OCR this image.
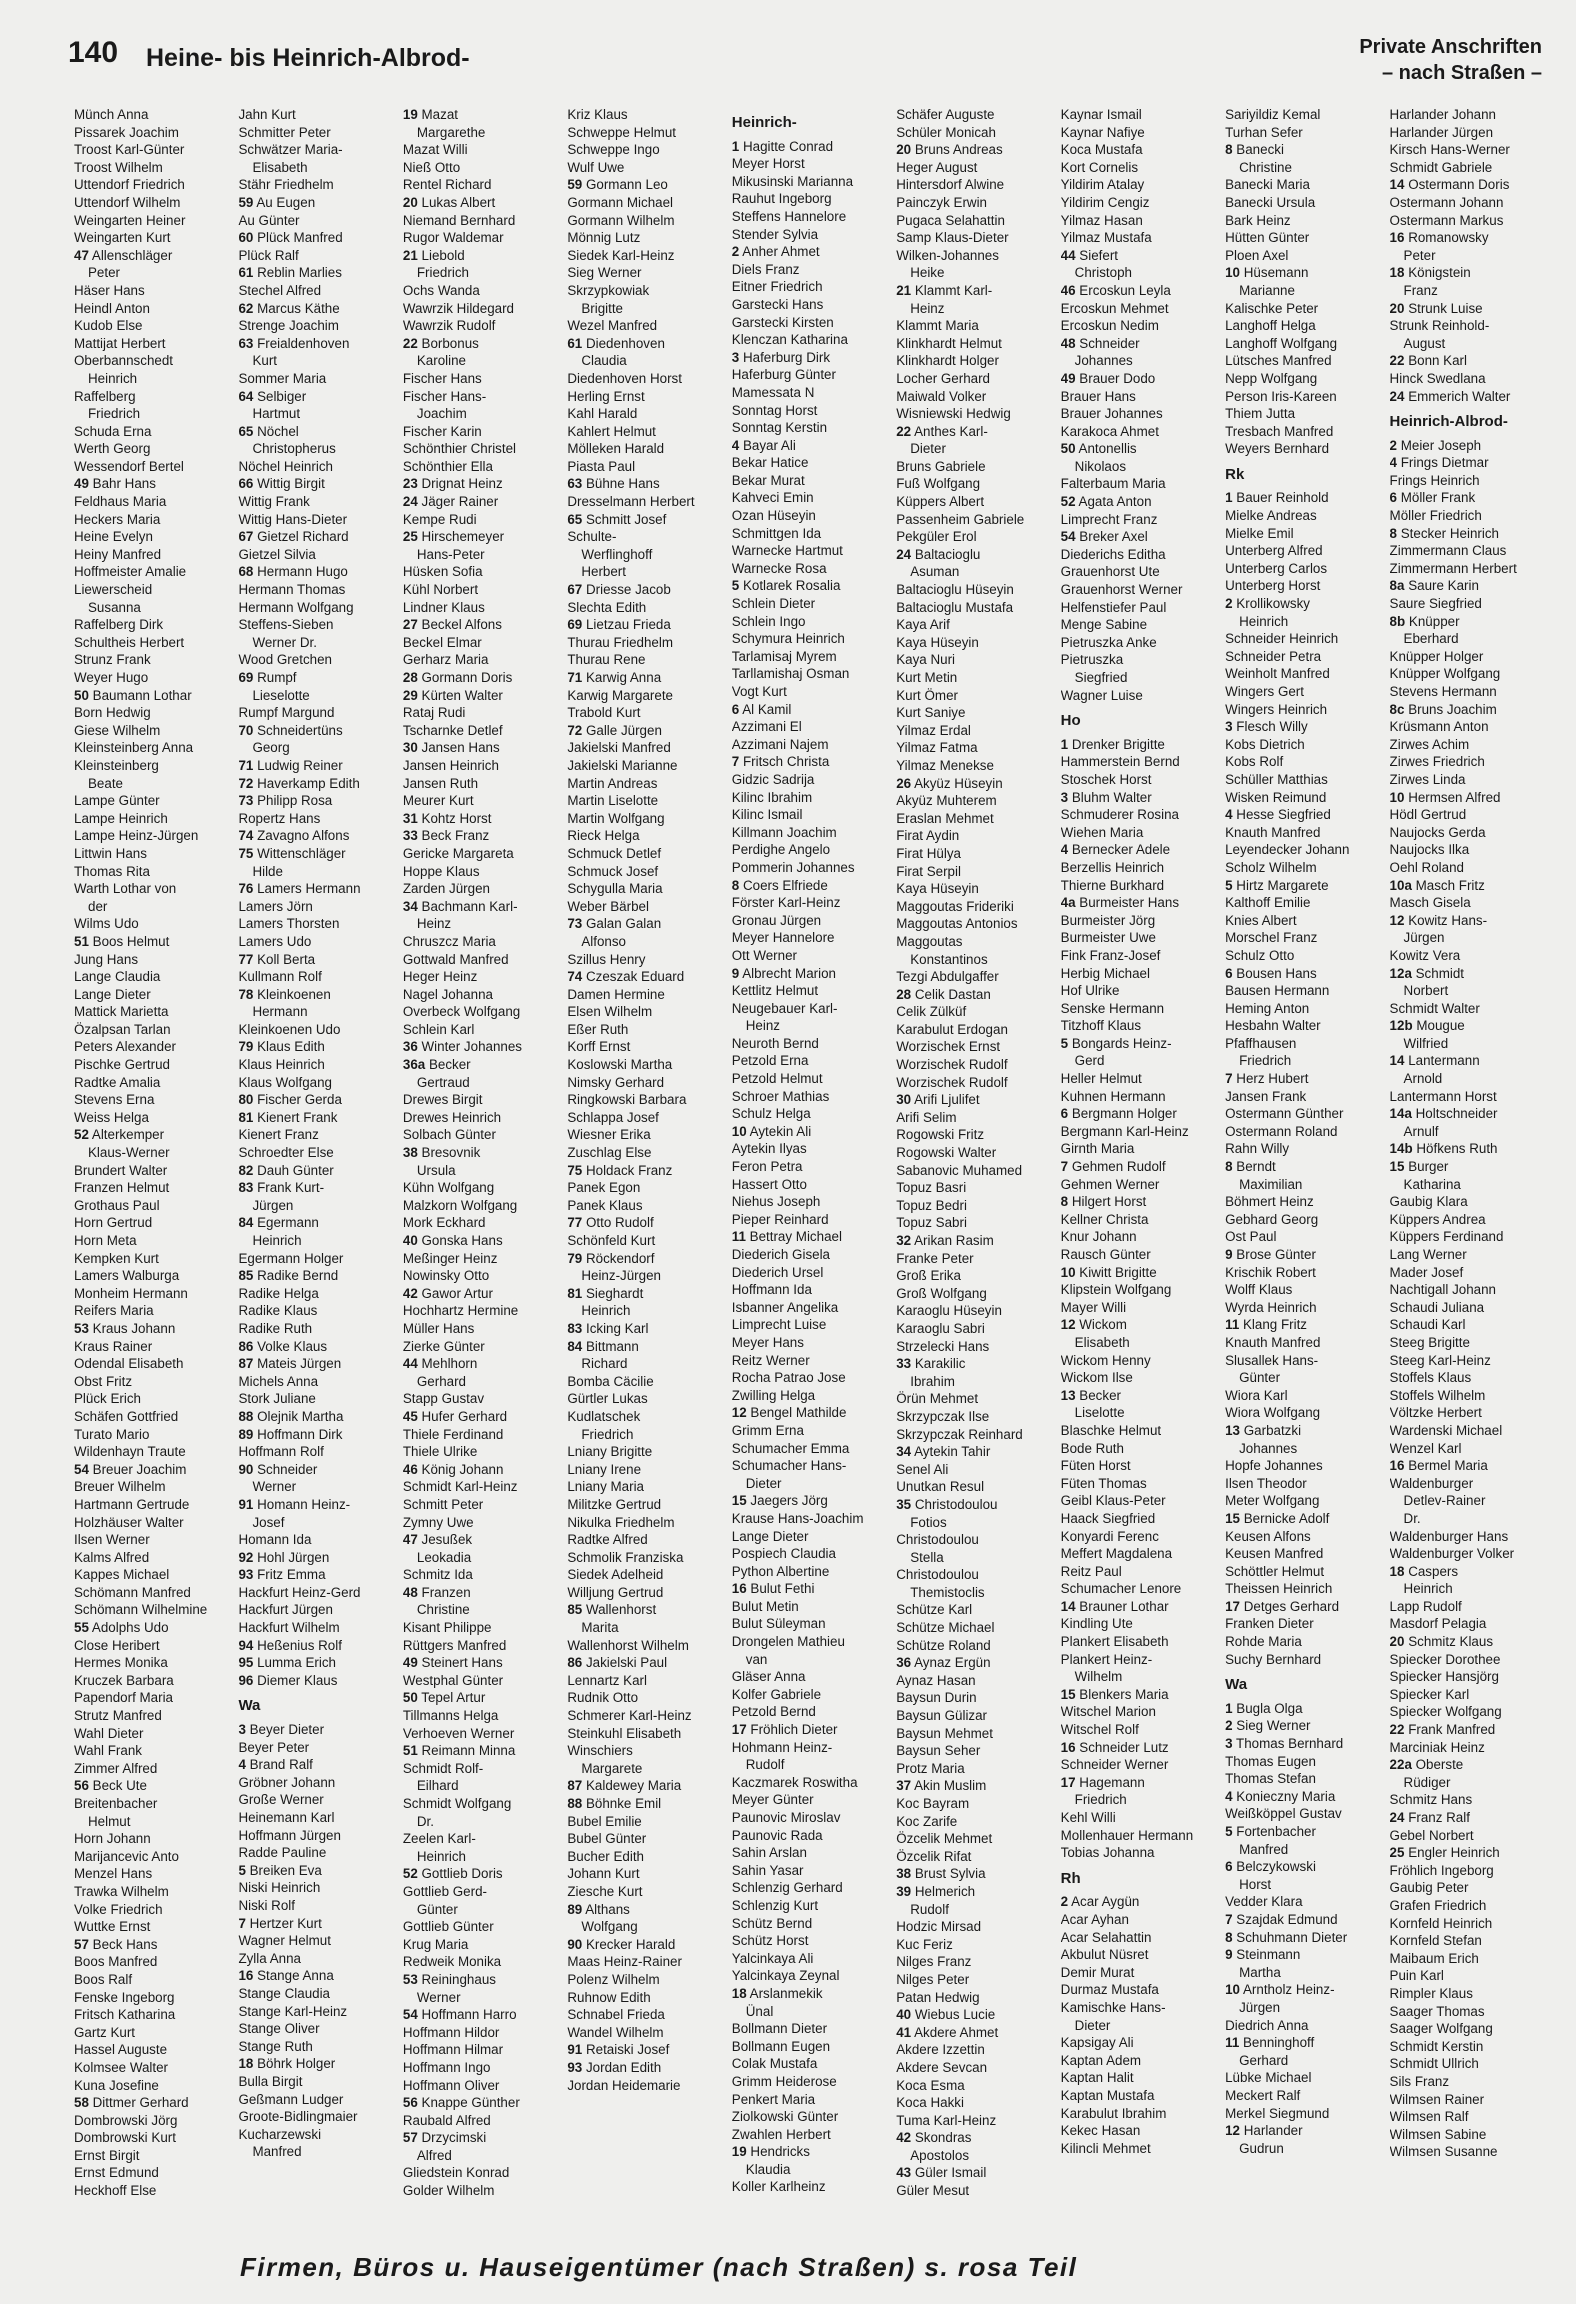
140 Heine- bis Heinrich-Albrod-	Private Anschriften
– nach Straßen –
Münch Anna
Pissarek Joachim
Troost Karl-Günter
Troost Wilhelm
Uttendorf Friedrich
Uttendorf Wilhelm
Weingarten Heiner
Weingarten Kurt
47 Allenschläger
Peter
Häser Hans
Heindl Anton
Kudob Else
Mattijat Herbert
Oberbannschedt
Heinrich
Raffelberg
Friedrich
Schuda Erna
Werth Georg
Wessendorf Bertel
49 Bahr Hans
Feldhaus Maria
Heckers Maria
Heine Evelyn
Heiny Manfred
Hoffmeister Amalie
Liewerscheid
Susanna
Raffelberg Dirk
Schultheis Herbert
Strunz Frank
Weyer Hugo
50 Baumann Lothar
Born Hedwig
Giese Wilhelm
Kleinsteinberg Anna
Kleinsteinberg
Beate
Lampe Günter
Lampe Heinrich
Lampe Heinz-Jürgen
Littwin Hans
Thomas Rita
Warth Lothar von
der
Wilms Udo
51 Boos Helmut
Jung Hans
Lange Claudia
Lange Dieter
Mattick Marietta
Özalpsan Tarlan
Peters Alexander
Pischke Gertrud
Radtke Amalia
Stevens Erna
Weiss Helga
52 Alterkemper
Klaus-Werner
Brundert Walter
Franzen Helmut
Grothaus Paul
Horn Gertrud
Horn Meta
Kempken Kurt
Lamers Walburga
Monheim Hermann
Reifers Maria
53 Kraus Johann
Kraus Rainer
Odendal Elisabeth
Obst Fritz
Plück Erich
Schäfen Gottfried
Turato Mario
Wildenhayn Traute
54 Breuer Joachim
Breuer Wilhelm
Hartmann Gertrude
Holzhäuser Walter
Ilsen Werner
Kalms Alfred
Kappes Michael
Schömann Manfred
Schömann Wilhelmine
55 Adolphs Udo
Close Heribert
Hermes Monika
Kruczek Barbara
Papendorf Maria
Strutz Manfred
Wahl Dieter
Wahl Frank
Zimmer Alfred
56 Beck Ute
Breitenbacher
Helmut
Horn Johann
Marijancevic Anto
Menzel Hans
Trawka Wilhelm
Volke Friedrich
Wuttke Ernst
57 Beck Hans
Boos Manfred
Boos Ralf
Fenske Ingeborg
Fritsch Katharina
Gartz Kurt
Hassel Auguste
Kolmsee Walter
Kuna Josefine
58 Dittmer Gerhard
Dombrowski Jörg
Dombrowski Kurt
Ernst Birgit
Ernst Edmund
Heckhoff Else
Jahn Kurt
Schmitter Peter
Schwätzer Maria-
Elisabeth
Stähr Friedhelm
59 Au Eugen
Au Günter
60 Plück Manfred
Plück Ralf
61 Reblin Marlies
Stechel Alfred
62 Marcus Käthe
Strenge Joachim
63 Freialdenhoven
Kurt
Sommer Maria
64 Selbiger
Hartmut
65 Nöchel
Christopherus
Nöchel Heinrich
66 Wittig Birgit
Wittig Frank
Wittig Hans-Dieter
67 Gietzel Richard
Gietzel Silvia
68 Hermann Hugo
Hermann Thomas
Hermann Wolfgang
Steffens-Sieben
Werner Dr.
Wood Gretchen
69 Rumpf
Lieselotte
Rumpf Margund
70 Schneidertüns
Georg
71 Ludwig Reiner
72 Haverkamp Edith
73 Philipp Rosa
Ropertz Hans
74 Zavagno Alfons
75 Wittenschläger
Hilde
76 Lamers Hermann
Lamers Jörn
Lamers Thorsten
Lamers Udo
77 Koll Berta
Kullmann Rolf
78 Kleinkoenen
Hermann
Kleinkoenen Udo
79 Klaus Edith
Klaus Heinrich
Klaus Wolfgang
80 Fischer Gerda
81 Kienert Frank
Kienert Franz
Schroedter Else
82 Dauh Günter
83 Frank Kurt-
Jürgen
84 Egermann
Heinrich
Egermann Holger
85 Radike Bernd
Radike Helga
Radike Klaus
Radike Ruth
86 Volke Klaus
87 Mateis Jürgen
Michels Anna
Stork Juliane
88 Olejnik Martha
89 Hoffmann Dirk
Hoffmann Rolf
90 Schneider
Werner
91 Homann Heinz-
Josef
Homann Ida
92 Hohl Jürgen
93 Fritz Emma
Hackfurt Heinz-Gerd
Hackfurt Jürgen
Hackfurt Wilhelm
94 Heßenius Rolf
95 Lumma Erich
96 Diemer Klaus
Wa
3 Beyer Dieter
Beyer Peter
4 Brand Ralf
Gröbner Johann
Große Werner
Heinemann Karl
Hoffmann Jürgen
Radde Pauline
5 Breiken Eva
Niski Heinrich
Niski Rolf
7 Hertzer Kurt
Wagner Helmut
Zylla Anna
16 Stange Anna
Stange Claudia
Stange Karl-Heinz
Stange Oliver
Stange Ruth
18 Böhrk Holger
Bulla Birgit
Geßmann Ludger
Groote-Bidlingmaier
Kucharzewski
Manfred
19 Mazat
Margarethe
Mazat Willi
Nieß Otto
Rentel Richard
20 Lukas Albert
Niemand Bernhard
Rugor Waldemar
21 Liebold
Friedrich
Ochs Wanda
Wawrzik Hildegard
Wawrzik Rudolf
22 Borbonus
Karoline
Fischer Hans
Fischer Hans-
Joachim
Fischer Karin
Schönthier Christel
Schönthier Ella
23 Drignat Heinz
24 Jäger Rainer
Kempe Rudi
25 Hirschemeyer
Hans-Peter
Hüsken Sofia
Kühl Norbert
Lindner Klaus
27 Beckel Alfons
Beckel Elmar
Gerharz Maria
28 Gormann Doris
29 Kürten Walter
Rataj Rudi
Tscharnke Detlef
30 Jansen Hans
Jansen Heinrich
Jansen Ruth
Meurer Kurt
31 Kohtz Horst
33 Beck Franz
Gericke Margareta
Hoppe Klaus
Zarden Jürgen
34 Bachmann Karl-
Heinz
Chruszcz Maria
Gottwald Manfred
Heger Heinz
Nagel Johanna
Overbeck Wolfgang
Schlein Karl
36 Winter Johannes
36a Becker
Gertraud
Drewes Birgit
Drewes Heinrich
Solbach Günter
38 Bresovnik
Ursula
Kühn Wolfgang
Malzkorn Wolfgang
Mork Eckhard
40 Gonska Hans
Meßinger Heinz
Nowinsky Otto
42 Gawor Artur
Hochhartz Hermine
Müller Hans
Zierke Günter
44 Mehlhorn
Gerhard
Stapp Gustav
45 Hufer Gerhard
Thiele Ferdinand
Thiele Ulrike
46 König Johann
Schmidt Karl-Heinz
Schmitt Peter
Zymny Uwe
47 Jesußek
Leokadia
Schmitz Ida
48 Franzen
Christine
Kisant Philippe
Rüttgers Manfred
49 Steinert Hans
Westphal Günter
50 Tepel Artur
Tillmanns Helga
Verhoeven Werner
51 Reimann Minna
Schmidt Rolf-
Eilhard
Schmidt Wolfgang
Dr.
Zeelen Karl-
Heinrich
52 Gottlieb Doris
Gottlieb Gerd-
Günter
Gottlieb Günter
Krug Maria
Redweik Monika
53 Reininghaus
Werner
54 Hoffmann Harro
Hoffmann Hildor
Hoffmann Hilmar
Hoffmann Ingo
Hoffmann Oliver
56 Knappe Günther
Raubald Alfred
57 Drzycimski
Alfred
Gliedstein Konrad
Golder Wilhelm
Kriz Klaus
Schweppe Helmut
Schweppe Ingo
Wulf Uwe
59 Gormann Leo
Gormann Michael
Gormann Wilhelm
Mönnig Lutz
Siedek Karl-Heinz
Sieg Werner
Skrzypkowiak
Brigitte
Wezel Manfred
61 Diedenhoven
Claudia
Diedenhoven Horst
Herling Ernst
Kahl Harald
Kahlert Helmut
Mölleken Harald
Piasta Paul
63 Bühne Hans
Dresselmann Herbert
65 Schmitt Josef
Schulte-
Werflinghoff
Herbert
67 Driesse Jacob
Slechta Edith
69 Lietzau Frieda
Thurau Friedhelm
Thurau Rene
71 Karwig Anna
Karwig Margarete
Trabold Kurt
72 Galle Jürgen
Jakielski Manfred
Jakielski Marianne
Martin Andreas
Martin Liselotte
Martin Wolfgang
Rieck Helga
Schmuck Detlef
Schmuck Josef
Schygulla Maria
Weber Bärbel
73 Galan Galan
Alfonso
Szillus Henry
74 Czeszak Eduard
Damen Hermine
Elsen Wilhelm
Eßer Ruth
Korff Ernst
Koslowski Martha
Nimsky Gerhard
Ringkowski Barbara
Schlappa Josef
Wiesner Erika
Zuschlag Else
75 Holdack Franz
Panek Egon
Panek Klaus
77 Otto Rudolf
Schönfeld Kurt
79 Röckendorf
Heinz-Jürgen
81 Sieghardt
Heinrich
83 Icking Karl
84 Bittmann
Richard
Bomba Cäcilie
Gürtler Lukas
Kudlatschek
Friedrich
Lniany Brigitte
Lniany Irene
Lniany Maria
Militzke Gertrud
Nikulka Friedhelm
Radtke Alfred
Schmolik Franziska
Siedek Adelheid
Willjung Gertrud
85 Wallenhorst
Marita
Wallenhorst Wilhelm
86 Jakielski Paul
Lennartz Karl
Rudnik Otto
Schmerer Karl-Heinz
Steinkuhl Elisabeth
Winschiers
Margarete
87 Kaldewey Maria
88 Böhnke Emil
Bubel Emilie
Bubel Günter
Bucher Edith
Johann Kurt
Ziesche Kurt
89 Althans
Wolfgang
90 Krecker Harald
Maas Heinz-Rainer
Polenz Wilhelm
Ruhnow Edith
Schnabel Frieda
Wandel Wilhelm
91 Retaiski Josef
93 Jordan Edith
Jordan Heidemarie
Heinrich-
1 Hagitte Conrad
Meyer Horst
Mikusinski Marianna
Rauhut Ingeborg
Steffens Hannelore
Stender Sylvia
2 Anher Ahmet
Diels Franz
Eitner Friedrich
Garstecki Hans
Garstecki Kirsten
Klenczan Katharina
3 Haferburg Dirk
Haferburg Günter
Mamessata N
Sonntag Horst
Sonntag Kerstin
4 Bayar Ali
Bekar Hatice
Bekar Murat
Kahveci Emin
Ozan Hüseyin
Schmittgen Ida
Warnecke Hartmut
Warnecke Rosa
5 Kotlarek Rosalia
Schlein Dieter
Schlein Ingo
Schymura Heinrich
Tarlamisaj Myrem
Tarllamishaj Osman
Vogt Kurt
6 Al Kamil
Azzimani El
Azzimani Najem
7 Fritsch Christa
Gidzic Sadrija
Kilinc Ibrahim
Kilinc Ismail
Killmann Joachim
Perdighe Angelo
Pommerin Johannes
8 Coers Elfriede
Förster Karl-Heinz
Gronau Jürgen
Meyer Hannelore
Ott Werner
9 Albrecht Marion
Kettlitz Helmut
Neugebauer Karl-
Heinz
Neuroth Bernd
Petzold Erna
Petzold Helmut
Schroer Mathias
Schulz Helga
10 Aytekin Ali
Aytekin Ilyas
Feron Petra
Hassert Otto
Niehus Joseph
Pieper Reinhard
11 Bettray Michael
Diederich Gisela
Diederich Ursel
Hoffmann Ida
Isbanner Angelika
Limprecht Luise
Meyer Hans
Reitz Werner
Rocha Patrao Jose
Zwilling Helga
12 Bengel Mathilde
Grimm Erna
Schumacher Emma
Schumacher Hans-
Dieter
15 Jaegers Jörg
Krause Hans-Joachim
Lange Dieter
Pospiech Claudia
Python Albertine
16 Bulut Fethi
Bulut Metin
Bulut Süleyman
Drongelen Mathieu
van
Gläser Anna
Kolfer Gabriele
Petzold Bernd
17 Fröhlich Dieter
Hohmann Heinz-
Rudolf
Kaczmarek Roswitha
Meyer Günter
Paunovic Miroslav
Paunovic Rada
Sahin Arslan
Sahin Yasar
Schlenzig Gerhard
Schlenzig Kurt
Schütz Bernd
Schütz Horst
Yalcinkaya Ali
Yalcinkaya Zeynal
18 Arslanmekik
Ünal
Bollmann Dieter
Bollmann Eugen
Colak Mustafa
Grimm Heiderose
Penkert Maria
Ziolkowski Günter
Zwahlen Herbert
19 Hendricks
Klaudia
Koller Karlheinz
Schäfer Auguste
Schüler Monicah
20 Bruns Andreas
Heger August
Hintersdorf Alwine
Painczyk Erwin
Pugaca Selahattin
Samp Klaus-Dieter
Wilken-Johannes
Heike
21 Klammt Karl-
Heinz
Klammt Maria
Klinkhardt Helmut
Klinkhardt Holger
Locher Gerhard
Maiwald Volker
Wisniewski Hedwig
22 Anthes Karl-
Dieter
Bruns Gabriele
Fuß Wolfgang
Küppers Albert
Passenheim Gabriele
Pekgüler Erol
24 Baltacioglu
Asuman
Baltacioglu Hüseyin
Baltacioglu Mustafa
Kaya Arif
Kaya Hüseyin
Kaya Nuri
Kurt Metin
Kurt Ömer
Kurt Saniye
Yilmaz Erdal
Yilmaz Fatma
Yilmaz Menekse
26 Akyüz Hüseyin
Akyüz Muhterem
Eraslan Mehmet
Firat Aydin
Firat Hülya
Firat Serpil
Kaya Hüseyin
Maggoutas Frideriki
Maggoutas Antonios
Maggoutas
Konstantinos
Tezgi Abdulgaffer
28 Celik Dastan
Celik Zülküf
Karabulut Erdogan
Worzischek Ernst
Worzischek Rudolf
Worzischek Rudolf
30 Arifi Ljulifet
Arifi Selim
Rogowski Fritz
Rogowski Walter
Sabanovic Muhamed
Topuz Basri
Topuz Bedri
Topuz Sabri
32 Arikan Rasim
Franke Peter
Groß Erika
Groß Wolfgang
Karaoglu Hüseyin
Karaoglu Sabri
Strzelecki Hans
33 Karakilic
Ibrahim
Örün Mehmet
Skrzypczak Ilse
Skrzypczak Reinhard
34 Aytekin Tahir
Senel Ali
Unutkan Resul
35 Christodoulou
Fotios
Christodoulou
Stella
Christodoulou
Themistoclis
Schütze Karl
Schütze Michael
Schütze Roland
36 Aynaz Ergün
Aynaz Hasan
Baysun Durin
Baysun Gülizar
Baysun Mehmet
Baysun Seher
Protz Maria
37 Akin Muslim
Koc Bayram
Koc Zarife
Özcelik Mehmet
Özcelik Rifat
38 Brust Sylvia
39 Helmerich
Rudolf
Hodzic Mirsad
Kuc Feriz
Nilges Franz
Nilges Peter
Patan Hedwig
40 Wiebus Lucie
41 Akdere Ahmet
Akdere Izzettin
Akdere Sevcan
Koca Esma
Koca Hakki
Tuma Karl-Heinz
42 Skondras
Apostolos
43 Güler Ismail
Güler Mesut
Kaynar Ismail
Kaynar Nafiye
Koca Mustafa
Kort Cornelis
Yildirim Atalay
Yildirim Cengiz
Yilmaz Hasan
Yilmaz Mustafa
44 Siefert
Christoph
46 Ercoskun Leyla
Ercoskun Mehmet
Ercoskun Nedim
48 Schneider
Johannes
49 Brauer Dodo
Brauer Hans
Brauer Johannes
Karakoca Ahmet
50 Antonellis
Nikolaos
Falterbaum Maria
52 Agata Anton
Limprecht Franz
54 Breker Axel
Diederichs Editha
Grauenhorst Ute
Grauenhorst Werner
Helfenstiefer Paul
Menge Sabine
Pietruszka Anke
Pietruszka
Siegfried
Wagner Luise
Ho
1 Drenker Brigitte
Hammerstein Bernd
Stoschek Horst
3 Bluhm Walter
Schmuderer Rosina
Wiehen Maria
4 Bernecker Adele
Berzellis Heinrich
Thierne Burkhard
4a Burmeister Hans
Burmeister Jörg
Burmeister Uwe
Fink Franz-Josef
Herbig Michael
Hof Ulrike
Senske Hermann
Titzhoff Klaus
5 Bongards Heinz-
Gerd
Heller Helmut
Kuhnen Hermann
6 Bergmann Holger
Bergmann Karl-Heinz
Girnth Maria
7 Gehmen Rudolf
Gehmen Werner
8 Hilgert Horst
Kellner Christa
Knur Johann
Rausch Günter
10 Kiwitt Brigitte
Klipstein Wolfgang
Mayer Willi
12 Wickom
Elisabeth
Wickom Henny
Wickom Ilse
13 Becker
Liselotte
Blaschke Helmut
Bode Ruth
Füten Horst
Füten Thomas
Geibl Klaus-Peter
Haack Siegfried
Konyardi Ferenc
Meffert Magdalena
Reitz Paul
Schumacher Lenore
14 Brauner Lothar
Kindling Ute
Plankert Elisabeth
Plankert Heinz-
Wilhelm
15 Blenkers Maria
Witschel Marion
Witschel Rolf
16 Schneider Lutz
Schneider Werner
17 Hagemann
Friedrich
Kehl Willi
Mollenhauer Hermann
Tobias Johanna
Rh
2 Acar Aygün
Acar Ayhan
Acar Selahattin
Akbulut Nüsret
Demir Murat
Durmaz Mustafa
Kamischke Hans-
Dieter
Kapsigay Ali
Kaptan Adem
Kaptan Halit
Kaptan Mustafa
Karabulut Ibrahim
Kekec Hasan
Kilincli Mehmet
Sariyildiz Kemal
Turhan Sefer
8 Banecki
Christine
Banecki Maria
Banecki Ursula
Bark Heinz
Hütten Günter
Ploen Axel
10 Hüsemann
Marianne
Kalischke Peter
Langhoff Helga
Langhoff Wolfgang
Lütsches Manfred
Nepp Wolfgang
Person Iris-Kareen
Thiem Jutta
Tresbach Manfred
Weyers Bernhard
Rk
1 Bauer Reinhold
Mielke Andreas
Mielke Emil
Unterberg Alfred
Unterberg Carlos
Unterberg Horst
2 Krollikowsky
Heinrich
Schneider Heinrich
Schneider Petra
Weinholt Manfred
Wingers Gert
Wingers Heinrich
3 Flesch Willy
Kobs Dietrich
Kobs Rolf
Schüller Matthias
Wisken Reimund
4 Hesse Siegfried
Knauth Manfred
Leyendecker Johann
Scholz Wilhelm
5 Hirtz Margarete
Kalthoff Emilie
Knies Albert
Morschel Franz
Schulz Otto
6 Bousen Hans
Bausen Hermann
Heming Anton
Hesbahn Walter
Pfaffhausen
Friedrich
7 Herz Hubert
Jansen Frank
Ostermann Günther
Ostermann Roland
Rahn Willy
8 Berndt
Maximilian
Böhmert Heinz
Gebhard Georg
Ost Paul
9 Brose Günter
Krischik Robert
Wolff Klaus
Wyrda Heinrich
11 Klang Fritz
Knauth Manfred
Slusallek Hans-
Günter
Wiora Karl
Wiora Wolfgang
13 Garbatzki
Johannes
Hopfe Johannes
Ilsen Theodor
Meter Wolfgang
15 Bernicke Adolf
Keusen Alfons
Keusen Manfred
Schöttler Helmut
Theissen Heinrich
17 Detges Gerhard
Franken Dieter
Rohde Maria
Suchy Bernhard
Wa
1 Bugla Olga
2 Sieg Werner
3 Thomas Bernhard
Thomas Eugen
Thomas Stefan
4 Konieczny Maria
Weißköppel Gustav
5 Fortenbacher
Manfred
6 Belczykowski
Horst
Vedder Klara
7 Szajdak Edmund
8 Schuhmann Dieter
9 Steinmann
Martha
10 Arntholz Heinz-
Jürgen
Diedrich Anna
11 Benninghoff
Gerhard
Lübke Michael
Meckert Ralf
Merkel Siegmund
12 Harlander
Gudrun
Harlander Johann
Harlander Jürgen
Kirsch Hans-Werner
Schmidt Gabriele
14 Ostermann Doris
Ostermann Johann
Ostermann Markus
16 Romanowsky
Peter
18 Königstein
Franz
20 Strunk Luise
Strunk Reinhold-
August
22 Bonn Karl
Hinck Swedlana
24 Emmerich Walter
Heinrich-Albrod-
2 Meier Joseph
4 Frings Dietmar
Frings Heinrich
6 Möller Frank
Möller Friedrich
8 Stecker Heinrich
Zimmermann Claus
Zimmermann Herbert
8a Saure Karin
Saure Siegfried
8b Knüpper
Eberhard
Knüpper Holger
Knüpper Wolfgang
Stevens Hermann
8c Bruns Joachim
Krüsmann Anton
Zirwes Achim
Zirwes Friedrich
Zirwes Linda
10 Hermsen Alfred
Hödl Gertrud
Naujocks Gerda
Naujocks Ilka
Oehl Roland
10a Masch Fritz
Masch Gisela
12 Kowitz Hans-
Jürgen
Kowitz Vera
12a Schmidt
Norbert
Schmidt Walter
12b Mougue
Wilfried
14 Lantermann
Arnold
Lantermann Horst
14a Holtschneider
Arnulf
14b Höfkens Ruth
15 Burger
Katharina
Gaubig Klara
Küppers Andrea
Küppers Ferdinand
Lang Werner
Mader Josef
Nachtigall Johann
Schaudi Juliana
Schaudi Karl
Steeg Brigitte
Steeg Karl-Heinz
Stoffels Klaus
Stoffels Wilhelm
Völtzke Herbert
Wardenski Michael
Wenzel Karl
16 Bermel Maria
Waldenburger
Detlev-Rainer
Dr.
Waldenburger Hans
Waldenburger Volker
18 Caspers
Heinrich
Lapp Rudolf
Masdorf Pelagia
20 Schmitz Klaus
Spiecker Dorothee
Spiecker Hansjörg
Spiecker Karl
Spiecker Wolfgang
22 Frank Manfred
Marciniak Heinz
22a Oberste
Rüdiger
Schmitz Hans
24 Franz Ralf
Gebel Norbert
25 Engler Heinrich
Fröhlich Ingeborg
Gaubig Peter
Grafen Friedrich
Kornfeld Heinrich
Kornfeld Stefan
Maibaum Erich
Puin Karl
Rimpler Klaus
Saager Thomas
Saager Wolfgang
Schmidt Kerstin
Schmidt Ullrich
Sils Franz
Wilmsen Rainer
Wilmsen Ralf
Wilmsen Sabine
Wilmsen Susanne
Firmen, Büros u. Hauseigentümer (nach Straßen) s. rosa Teil
